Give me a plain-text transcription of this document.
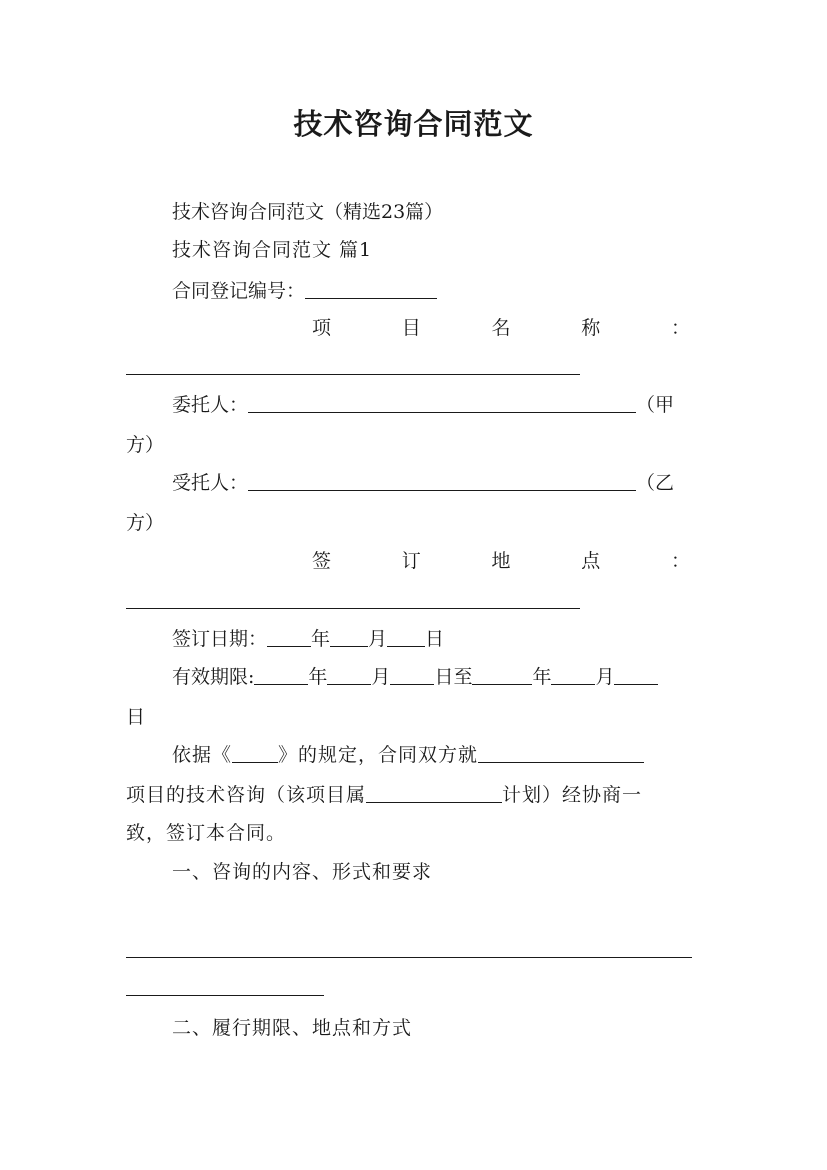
技术咨询合同范文
技术咨询合同范文（精选23篇）
技术咨询合同范文 篇1
合同登记编号：
项	目	名	称	：
委托人：	（甲
方）
受托人：	（乙
方）
签	订	地	点	：
签订日期： 年 月 日
有效期限:	年 月 日至	年 月
日
依据《 》的规定，合同双方就
项目的技术咨询（该项目属	计划）经协商一
致，签订本合同。
一、咨询的内容、形式和要求
二、履行期限、地点和方式
